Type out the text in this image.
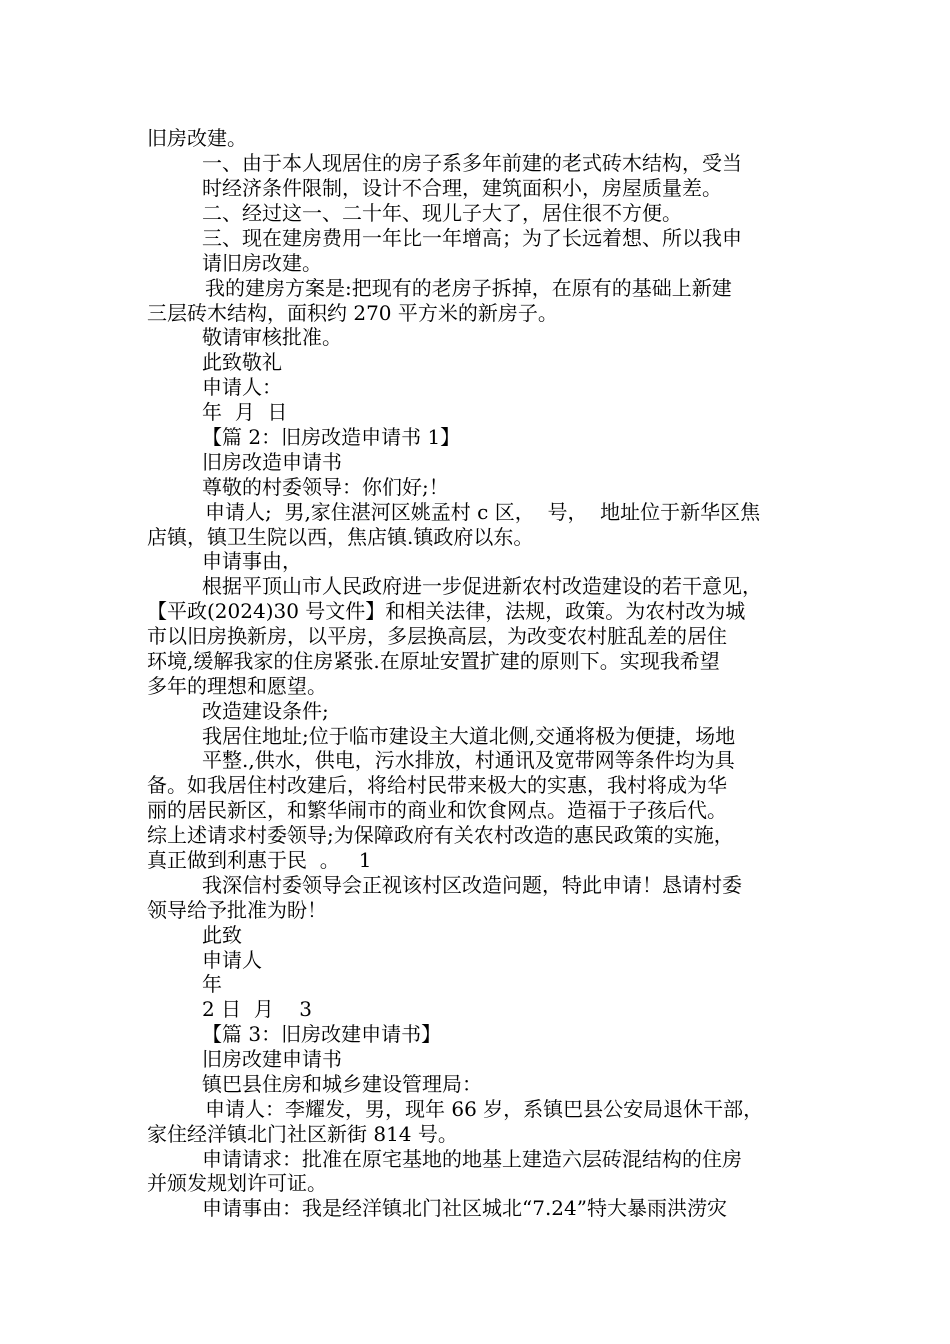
旧房改建。
一、由于本人现居住的房子系多年前建的老式砖木结构，受当
时经济条件限制，设计不合理，建筑面积小，房屋质量差。
二、经过这一、二十年、现儿子大了，居住很不方便。
三、现在建房费用一年比一年增高；为了长远着想、所以我申
请旧房改建。
我的建房方案是:把现有的老房子拆掉，在原有的基础上新建
三层砖木结构，面积约 270 平方米的新房子。
敬请审核批准。
此致敬礼
申请人：
年  月  日
【篇 2：旧房改造申请书 1】
旧房改造申请书
尊敬的村委领导：你们好;！
申请人;  男,家住湛河区姚孟村 c 区，  号，  地址位于新华区焦
店镇，镇卫生院以西，焦店镇.镇政府以东。
申请事由，
根据平顶山市人民政府进一步促进新农村改造建设的若干意见，
【平政(2024)30 号文件】和相关法律，法规，政策。为农村改为城
市以旧房换新房，以平房，多层换高层，为改变农村脏乱差的居住
环境,缓解我家的住房紧张.在原址安置扩建的原则下。实现我希望
多年的理想和愿望。
改造建设条件;
我居住地址;位于临市建设主大道北侧,交通将极为便捷，场地
平整.,供水，供电，污水排放，村通讯及宽带网等条件均为具
备。如我居住村改建后，将给村民带来极大的实惠，我村将成为华
丽的居民新区，和繁华闹市的商业和饮食网点。造福于子孩后代。
综上述请求村委领导;为保障政府有关农村改造的惠民政策的实施，
真正做到利惠于民  。   1
我深信村委领导会正视该村区改造问题，特此申请！恳请村委
领导给予批准为盼！
此致
申请人
年
2 日  月    3
【篇 3：旧房改建申请书】
旧房改建申请书
镇巴县住房和城乡建设管理局：
申请人：李耀发，男，现年 66 岁，系镇巴县公安局退休干部，
家住经洋镇北门社区新街 814 号。
申请请求：批准在原宅基地的地基上建造六层砖混结构的住房
并颁发规划许可证。
申请事由：我是经洋镇北门社区城北“7.24”特大暴雨洪涝灾
